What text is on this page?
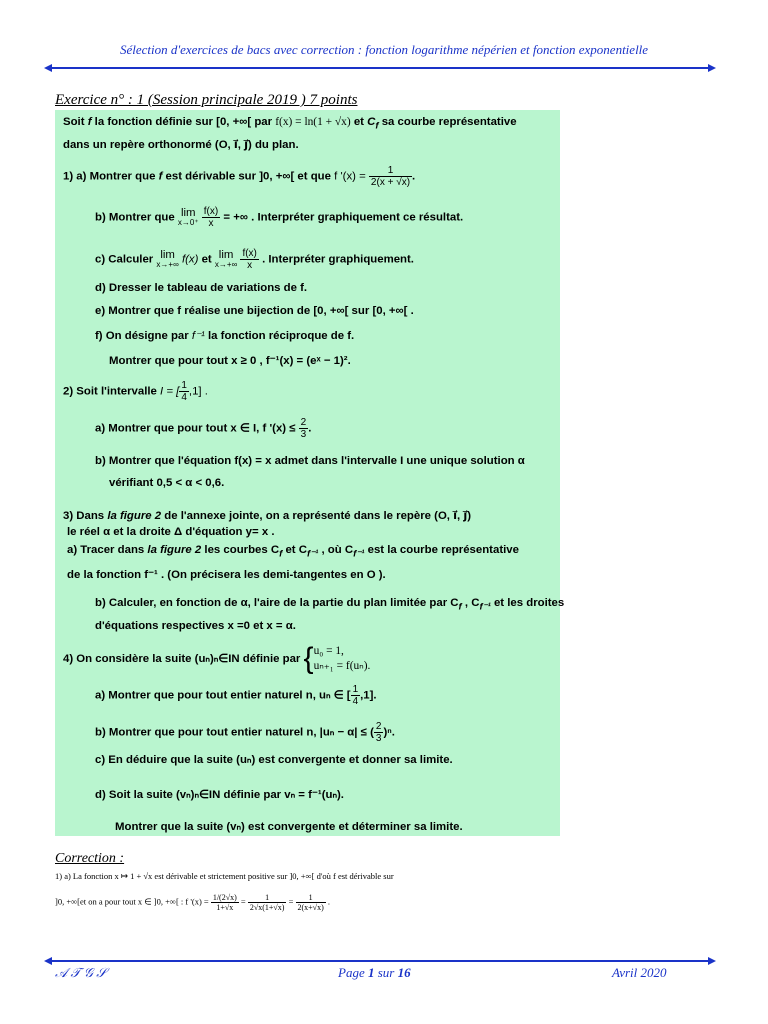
Sélection d'exercices de bacs avec correction : fonction logarithme népérien et fonction exponentielle
Exercice n° : 1 (Session principale 2019 ) 7 points
Soit f la fonction définie sur [0, +∞[ par f(x) = ln(1 + √x) et $C_f$ sa courbe représentative
dans un repère orthonormé (O, i⃗, j⃗) du plan.
1) a) Montrer que f est dérivable sur ]0, +∞[ et que f '$(x) = \frac{1}{2(x + √x)}$ .
b) Montrer que lim
x→0⁺
$\frac{f(x)}{x}$ = +∞ . Interpréter graphiquement ce résultat.
c) Calculer lim
x→+∞ f(x) et lim
x→+∞
$\frac{f(x)}{x}$ . Interpréter graphiquement.
d) Dresser le tableau de variations de f.
e) Montrer que f réalise une bijection de [0, +∞[ sur [0, +∞[ .
f) On désigne par f⁻¹ la fonction réciproque de f.
Montrer que pour tout x ≥ 0 , f⁻¹(x) = (eˣ − 1)².
2) Soit l'intervalle I = [ $\frac{1}{4} ,1$] .
a) Montrer que pour tout x ∈ I, f '$(x) \le \frac{2}{3}$ .
b) Montrer que l'équation f(x) = x admet dans l'intervalle I une unique solution α
vérifiant 0,5 < α < 0,6.
3) Dans la figure 2 de l'annexe jointe, on a représenté dans le repère (O, i⃗, j⃗)
le réel α et la droite Δ d'équation y= x .
a) Tracer dans la figure 2 les courbes $C_f$ et $C_{f^{-1}}$ , où $C_{f^{-1}}$ est la courbe représentative
de la fonction f⁻¹ . (On précisera les demi-tangentes en O ).
b) Calculer, en fonction de α, l'aire de la partie du plan limitée par $C_f$ , $C_{f^{-1}}$ et les droites
d'équations respectives x =0 et x = α.
4) On considère la suite (uₙ)ₙ∈IN définie par { u₀ = 1,
uₙ₊₁ = f(uₙ).
a) Montrer que pour tout entier naturel n, uₙ ∈ [ $\frac{1}{4} ,1$].
b) Montrer que pour tout entier naturel n, |uₙ − α| ≤ ( $\frac{2}{3} )^n$.
c) En déduire que la suite (uₙ) est convergente et donner sa limite.
d) Soit la suite (vₙ)ₙ∈IN définie par vₙ = f⁻¹(uₙ).
Montrer que la suite (vₙ) est convergente et déterminer sa limite.
Correction :
1) a) La fonction x ↦ 1 + √x est dérivable et strictement positive sur ]0, +∞[ d'où f est dérivable sur
]0, +∞[et on a pour tout x ∈ ]0, +∞[ : f '$(x) = \frac{1/(2√x)}{1+√x} = \frac{1}{2√x(1+√x)} = \frac{1}{2(x+√x)}$ .
𝒜 𝒯 𝒢 𝒮	Page 1 sur 16	Avril 2020
